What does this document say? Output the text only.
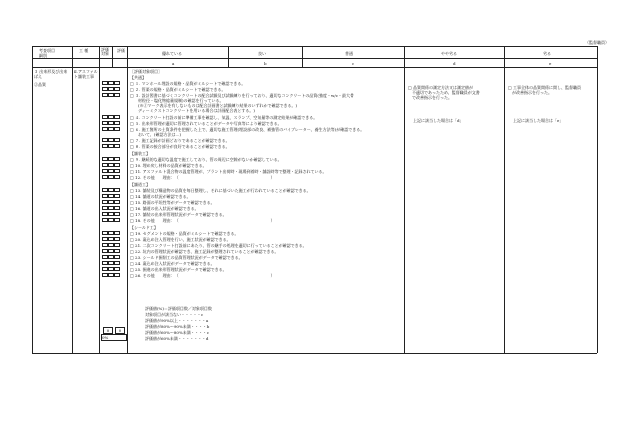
（監督職員）
考査項目
細別
工 種	評価対象
評価
優れている	良い	普通	やや劣る	劣る
a	b	c	d	e
３ 出来形及び出来ばえ
②品質
Ⅱ.アスファルト舗装工事
［評価対象項目］
【共通】
□ １. マンホール埋設の規格・品質がミルシートで確認できる。
□ ２. 管渠の規格・品質がミルシートで確認できる。
□ ３. 設計図書に基づくコンクリートの配合試験及び試験練りを行っており、適切なコンクリートの品質(強度・w/c・最大骨
　　材粒径・塩化物総量規制)の確認を行っている。
　　(※Ⓙマーク表示を有しないものは配合計画書と試験練り結果のいずれかで確認できる。)
　　ディーミクストコンクリートを用いる場合は計画配合表とする。)
□ ４. コンクリート打設の前に準備工事を確認し、気温、スランプ、空気量等の測定結果が確認できる。
□ ５. 出来形管理が適切に管理されていることがデータや写真等により確認できる。
□ ６. 施工箇所の土質条件を把握した上で、適切な施工管理(埋設部の改良、補強管のバイブレーター、養生方法等)が確認できる。
　　おいて、(確認方法は…)
□ ７. 施工記録が計画どおりであることが確認できる。
□ ８. 管渠の接合部分が良好であることが確認できる。
【舗装工】
□ ９. 継続的な適切な温度で施工しており、管の周辺に空隙がないか確認している。
□ 10. 埋め戻し材料の品質が確認できる。
□ 11. アスファルト混合物の温度管理が、プラント出荷時・現場到着時・舗設時等で整理・記録されている。
□ 12. その他　　理由：（　　　　　　　　　　　　　　　　　　　　　　　）
【舗道工】
□ 13. 舗装及び構造物の品質を毎日整理し、それに基づいた施工が行われていることが確認できる。
□ 14. 舗道の状況が確認できる。
□ 15. 路面の平坦性等がデータで確認できる。
□ 16. 舗道の出入状況が確認できる。
□ 17. 舗装の出来形管理状況がデータで確認できる。
□ 18. その他　　理由：（　　　　　　　　　　　　　　　　　　　　　　　）
【シールド工】
□ 19. セグメントの規格・品質がミルシートで確認できる。
□ 20. 裏込め注入管理を行い、施工状況が確認できる。
□ 21. 二次コンクリート打設前にあたり、管の継手の処理を適切に行っていることが確認できる。
□ 22. 坑内の管理状況が確認でき、施工記録が整理されていることが確認できる。
□ 23. シールド掘削工の品質管理状況がデータで確認できる。
□ 24. 裏込め注入状況がデータで確認できる。
□ 25. 掘進の出来形管理状況がデータで確認できる。
□ 26. その他　　理由：（　　　　　　　　　　　　　　　　　　　　　　　）
評価値(%)＝評価項目数／対象項目数
対象項目が該当ない・・・・・c
評価値が90%以上・・・・・・・a
評価値が80%〜90%未満・・・・b
評価値が60%〜80%未満・・・・c
評価値が60%未満・・・・・・・d
0	0
0%
□ 品質関係の測定方法又は測定値が
　不適切であったため、監督職員が文書
　で改善指示を行った。
上記に該当した場合は「d」
□ 工事全体の品質関係に関し、監督職員
　が改善指示を行った。
上記に該当した場合は「e」
